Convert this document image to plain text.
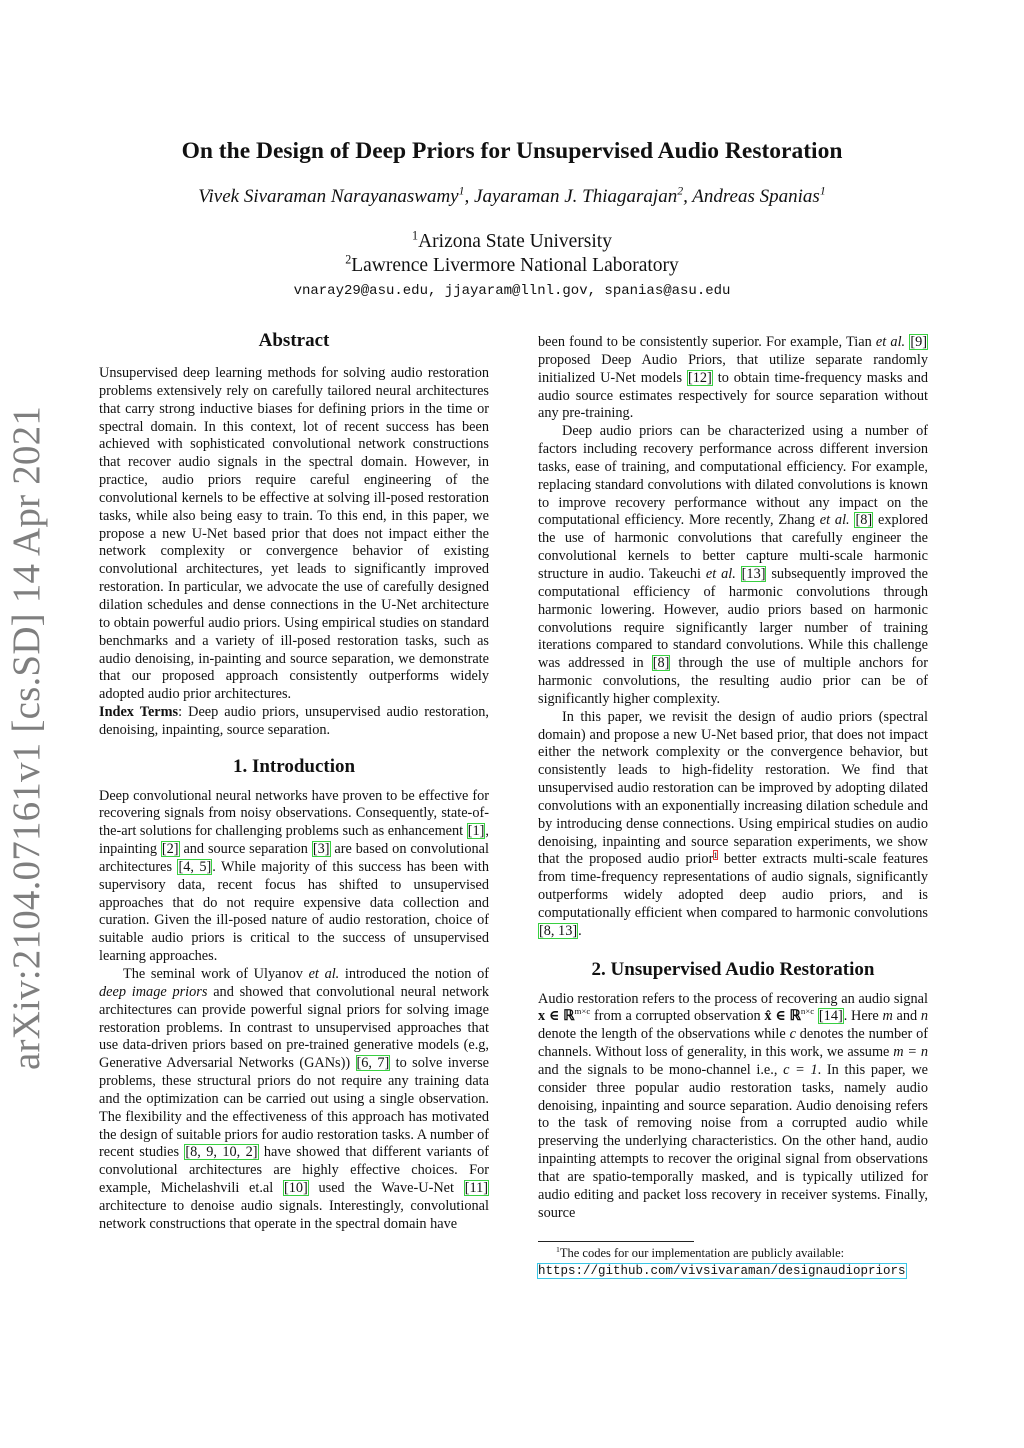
arXiv:2104.07161v1 [cs.SD] 14 Apr 2021
On the Design of Deep Priors for Unsupervised Audio Restoration
Vivek Sivaraman Narayanaswamy$^1$, Jayaraman J. Thiagarajan$^2$, Andreas Spanias$^1$
$^1$Arizona State University
$^2$Lawrence Livermore National Laboratory
vnaray29@asu.edu, jjayaram@llnl.gov, spanias@asu.edu
Abstract

Unsupervised deep learning methods for solving audio restoration problems extensively rely on carefully tailored neural architectures that carry strong inductive biases for defining priors in the time or spectral domain. In this context, lot of recent success has been achieved with sophisticated convolutional network constructions that recover audio signals in the spectral domain. However, in practice, audio priors require careful engineering of the convolutional kernels to be effective at solving ill-posed restoration tasks, while also being easy to train. To this end, in this paper, we propose a new U-Net based prior that does not impact either the network complexity or convergence behavior of existing convolutional architectures, yet leads to significantly improved restoration. In particular, we advocate the use of carefully designed dilation schedules and dense connections in the U-Net architecture to obtain powerful audio priors. Using empirical studies on standard benchmarks and a variety of ill-posed restoration tasks, such as audio denoising, in-painting and source separation, we demonstrate that our proposed approach consistently outperforms widely adopted audio prior architectures.

Index Terms: Deep audio priors, unsupervised audio restoration, denoising, inpainting, source separation.

1. Introduction

Deep convolutional neural networks have proven to be effective for recovering signals from noisy observations. Consequently, state-of-the-art solutions for challenging problems such as enhancement [1], inpainting [2] and source separation [3] are based on convolutional architectures [4, 5]. While majority of this success has been with supervisory data, recent focus has shifted to unsupervised approaches that do not require expensive data collection and curation. Given the ill-posed nature of audio restoration, choice of suitable audio priors is critical to the success of unsupervised learning approaches.

The seminal work of Ulyanov et al. introduced the notion of deep image priors and showed that convolutional neural network architectures can provide powerful signal priors for solving image restoration problems. In contrast to unsupervised approaches that use data-driven priors based on pre-trained generative models (e.g, Generative Adversarial Networks (GANs)) [6, 7] to solve inverse problems, these structural priors do not require any training data and the optimization can be carried out using a single observation. The flexibility and the effectiveness of this approach has motivated the design of suitable priors for audio restoration tasks. A number of recent studies [8, 9, 10, 2] have showed that different variants of convolutional architectures are highly effective choices. For example, Michelashvili et.al [10] used the Wave-U-Net [11] architecture to denoise audio signals. Interestingly, convolutional network constructions that operate in the spectral domain have

been found to be consistently superior. For example, Tian et al. [9] proposed Deep Audio Priors, that utilize separate randomly initialized U-Net models [12] to obtain time-frequency masks and audio source estimates respectively for source separation without any pre-training.

Deep audio priors can be characterized using a number of factors including recovery performance across different inversion tasks, ease of training, and computational efficiency. For example, replacing standard convolutions with dilated convolutions is known to improve recovery performance without any impact on the computational efficiency. More recently, Zhang et al. [8] explored the use of harmonic convolutions that carefully engineer the convolutional kernels to better capture multi-scale harmonic structure in audio. Takeuchi et al. [13] subsequently improved the computational efficiency of harmonic convolutions through harmonic lowering. However, audio priors based on harmonic convolutions require significantly larger number of training iterations compared to standard convolutions. While this challenge was addressed in [8] through the use of multiple anchors for harmonic convolutions, the resulting audio prior can be of significantly higher complexity.

In this paper, we revisit the design of audio priors (spectral domain) and propose a new U-Net based prior, that does not impact either the network complexity or the convergence behavior, but consistently leads to high-fidelity restoration. We find that unsupervised audio restoration can be improved by adopting dilated convolutions with an exponentially increasing dilation schedule and by introducing dense connections. Using empirical studies on audio denoising, inpainting and source separation experiments, we show that the proposed audio prior$^1$ better extracts multi-scale features from time-frequency representations of audio signals, significantly outperforms widely adopted deep audio priors, and is computationally efficient when compared to harmonic convolutions [8, 13].

2. Unsupervised Audio Restoration

Audio restoration refers to the process of recovering an audio signal x ∈ ℝ$^{m\times c}$ from a corrupted observation x̂ ∈ ℝ$^{n\times c}$ [14]. Here m and n denote the length of the observations while c denotes the number of channels. Without loss of generality, in this work, we assume m = n and the signals to be mono-channel i.e., c = 1. In this paper, we consider three popular audio restoration tasks, namely audio denoising, inpainting and source separation. Audio denoising refers to the task of removing noise from a corrupted audio while preserving the underlying characteristics. On the other hand, audio inpainting attempts to recover the original signal from observations that are spatio-temporally masked, and is typically utilized for audio editing and packet loss recovery in receiver systems. Finally, source

$^1$The codes for our implementation are publicly available: https://github.com/vivsivaraman/designaudiopriors
